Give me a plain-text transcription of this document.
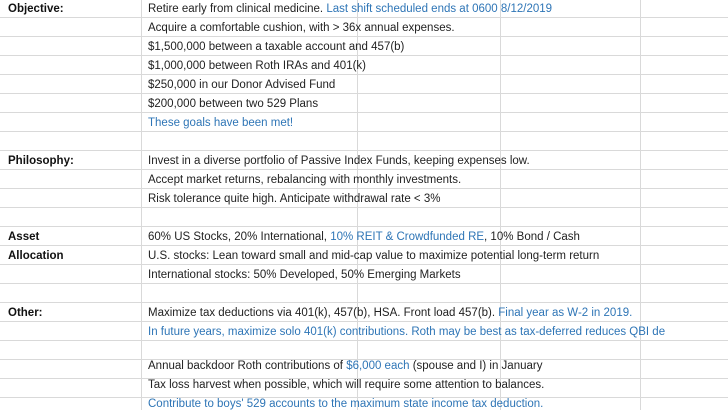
Objective:	Retire early from clinical medicine. Last shift scheduled ends at 0600 8/12/2019
Acquire a comfortable cushion, with > 36x annual expenses.
$1,500,000 between a taxable account and 457(b)
$1,000,000 between Roth IRAs and 401(k)
$250,000 in our Donor Advised Fund
$200,000 between two 529 Plans
These goals have been met!
Philosophy:	Invest in a diverse portfolio of Passive Index Funds, keeping expenses low.
Accept market returns, rebalancing with monthly investments.
Risk tolerance quite high. Anticipate withdrawal rate < 3%
Asset	60% US Stocks, 20% International, 10% REIT & Crowdfunded RE, 10% Bond / Cash
Allocation	U.S. stocks: Lean toward small and mid-cap value to maximize potential long-term return
International stocks: 50% Developed, 50% Emerging Markets
Other:	Maximize tax deductions via 401(k), 457(b), HSA. Front load 457(b). Final year as W-2 in 2019.
In future years, maximize solo 401(k) contributions. Roth may be best as tax-deferred reduces QBI de
Annual backdoor Roth contributions of $6,000 each (spouse and I) in January
Tax loss harvest when possible, which will require some attention to balances.
Contribute to boys' 529 accounts to the maximum state income tax deduction.
